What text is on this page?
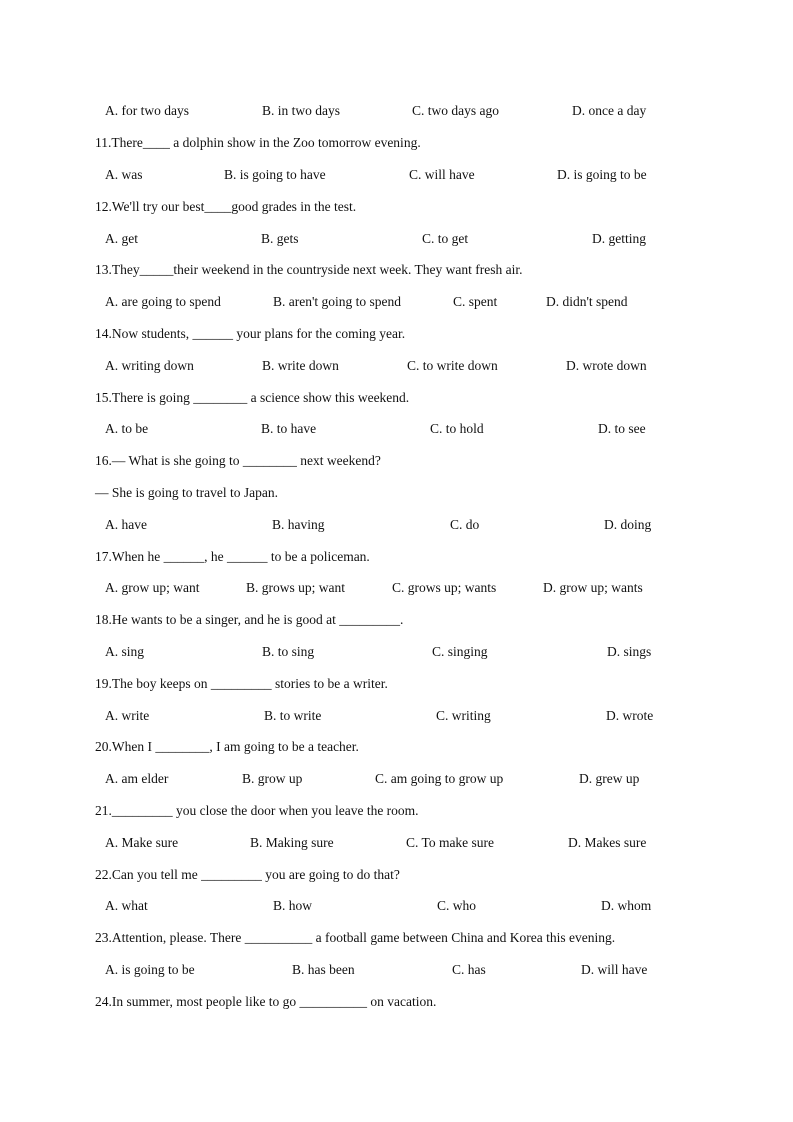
A. for two days	B. in two days	C. two days ago	D. once a day
11.There____ a dolphin show in the Zoo tomorrow evening.
A. was	B. is going to have	C. will have	D. is going to be
12.We'll try our best____good grades in the test.
A. get	B. gets	C. to get	D. getting
13.They_____their weekend in the countryside next week. They want fresh air.
A. are going to spend	B. aren't going to spend	C. spent	D. didn't spend
14.Now students, ______ your plans for the coming year.
A. writing down	B. write down	C. to write down	D. wrote down
15.There is going ________ a science show this weekend.
A. to be	B. to have	C. to hold	D. to see
16.— What is she going to ________ next weekend?
— She is going to travel to Japan.
A. have	B. having	C. do	D. doing
17.When he ______, he ______ to be a policeman.
A. grow up; want	B. grows up; want	C. grows up; wants	D. grow up; wants
18.He wants to be a singer, and he is good at _________.
A. sing	B. to sing	C. singing	D. sings
19.The boy keeps on _________ stories to be a writer.
A. write	B. to write	C. writing	D. wrote
20.When I ________, I am going to be a teacher.
A. am elder	B. grow up	C. am going to grow up	D. grew up
21._________ you close the door when you leave the room.
A. Make sure	B. Making sure	C. To make sure	D. Makes sure
22.Can you tell me _________ you are going to do that?
A. what	B. how	C. who	D. whom
23.Attention, please. There __________ a football game between China and Korea this evening.
A. is going to be	B. has been	C. has	D. will have
24.In summer, most people like to go __________ on vacation.
